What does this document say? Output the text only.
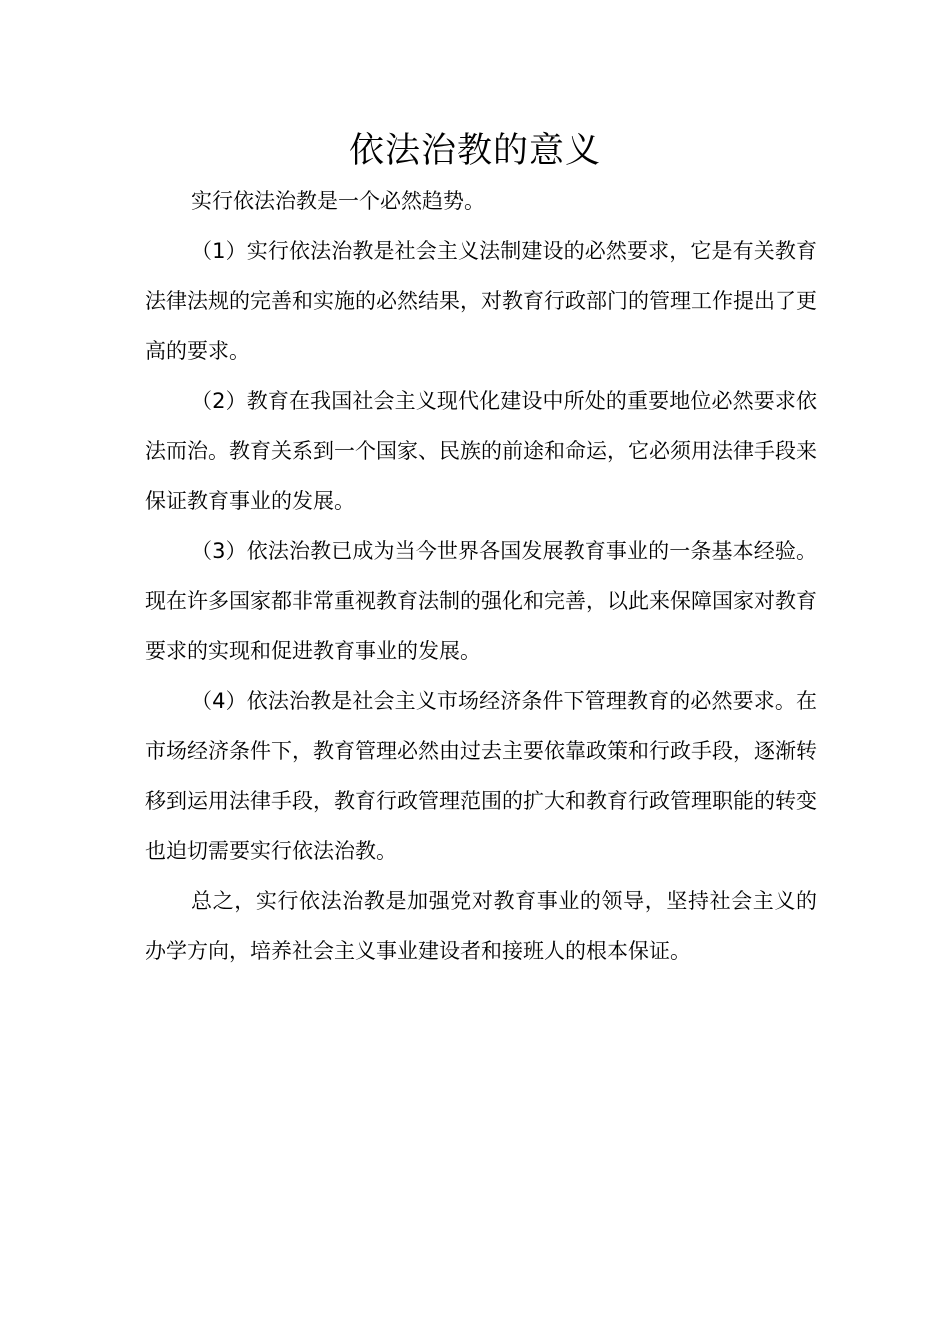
依法治教的意义

实行依法治教是一个必然趋势。

（1）实行依法治教是社会主义法制建设的必然要求，它是有关教育法律法规的完善和实施的必然结果，对教育行政部门的管理工作提出了更高的要求。

（2）教育在我国社会主义现代化建设中所处的重要地位必然要求依法而治。教育关系到一个国家、民族的前途和命运，它必须用法律手段来保证教育事业的发展。

（3）依法治教已成为当今世界各国发展教育事业的一条基本经验。现在许多国家都非常重视教育法制的强化和完善，以此来保障国家对教育要求的实现和促进教育事业的发展。

（4）依法治教是社会主义市场经济条件下管理教育的必然要求。在市场经济条件下，教育管理必然由过去主要依靠政策和行政手段，逐渐转移到运用法律手段，教育行政管理范围的扩大和教育行政管理职能的转变也迫切需要实行依法治教。

总之，实行依法治教是加强党对教育事业的领导，坚持社会主义的办学方向，培养社会主义事业建设者和接班人的根本保证。
